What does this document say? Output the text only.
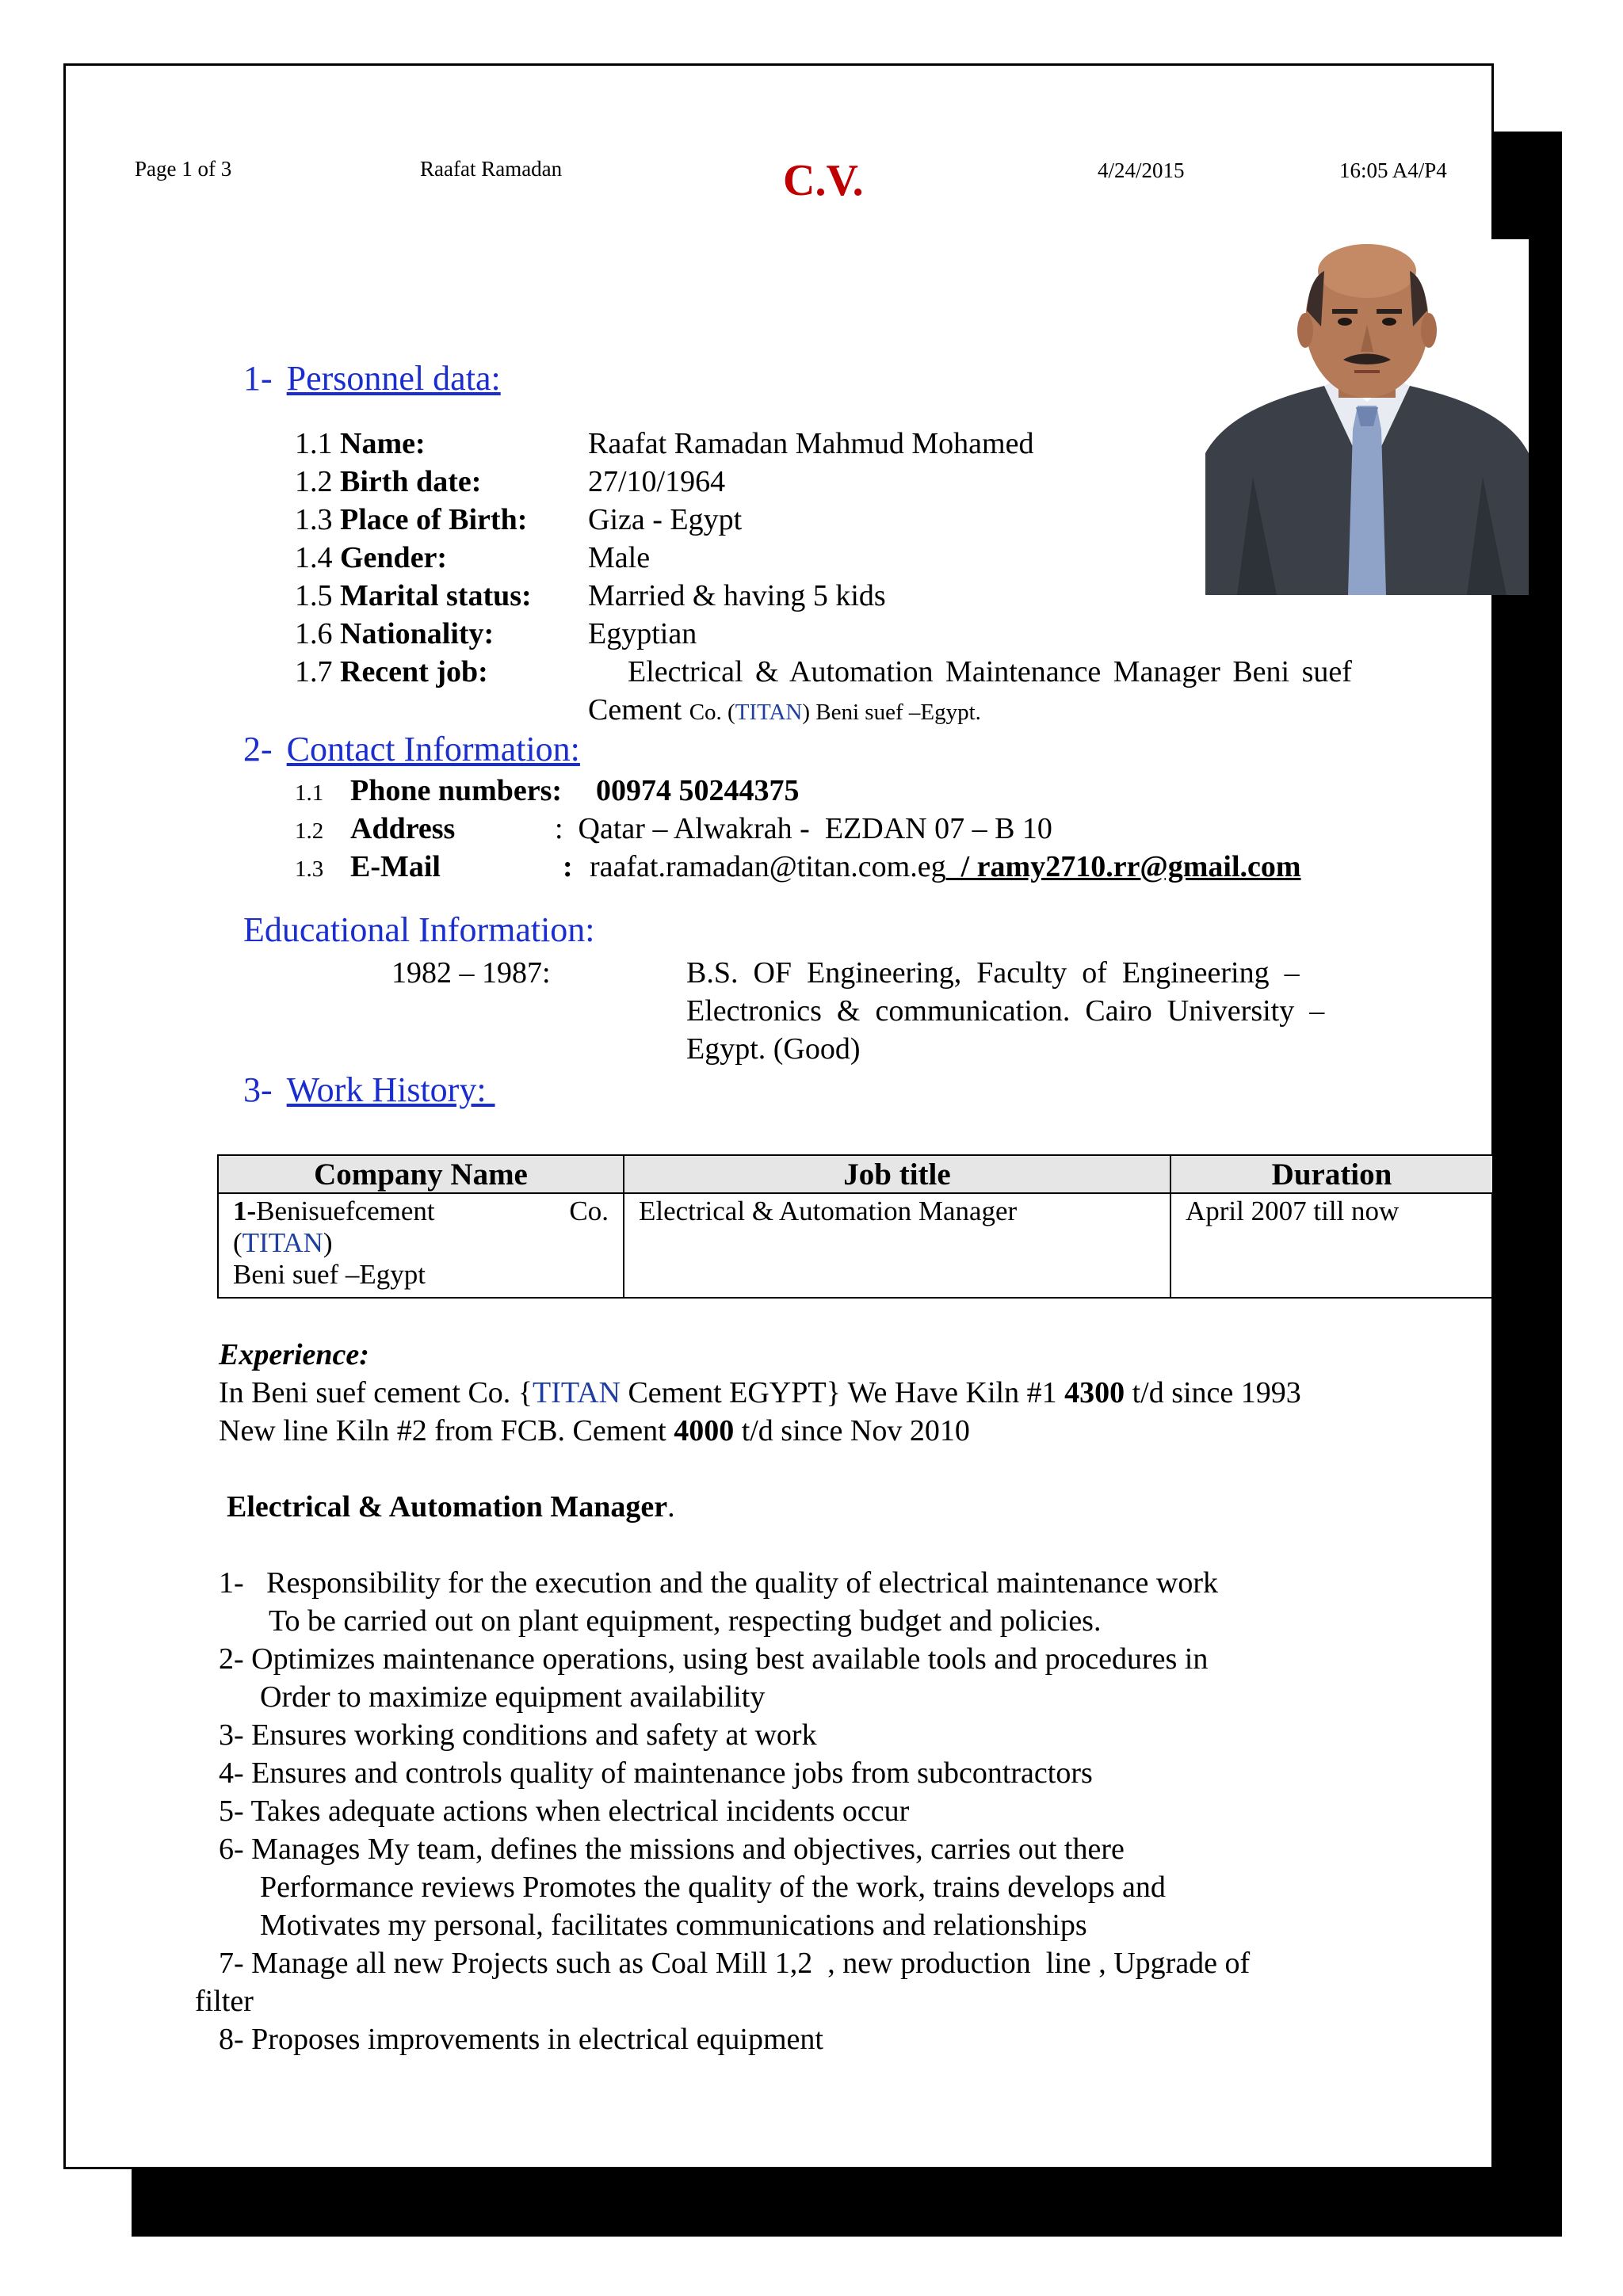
Page 1 of 3	Raafat Ramadan	C.V.	4/24/2015	16:05 A4/P4
1- Personnel data:
1.1 Name:	Raafat Ramadan Mahmud Mohamed
1.2 Birth date:	27/10/1964
1.3 Place of Birth: Giza - Egypt
1.4 Gender:	Male
1.5 Marital status: Married & having 5 kids
1.6 Nationality:	Egyptian
1.7 Recent job:	Electrical & Automation Maintenance Manager Beni suef
Cement Co. (TITAN) Beni suef –Egypt.
2- Contact Information:
1.1 Phone numbers: 00974 50244375
1.2 Address	:  Qatar – Alwakrah -  EZDAN 07 – B 10
1.3 E-Mail	: raafat.ramadan@titan.com.eg  / ramy2710.rr@gmail.com
Educational Information:
1982 – 1987:	B.S.  OF  Engineering,  Faculty  of  Engineering  –
Electronics  &  communication.  Cairo  University  –
Egypt. (Good)
3- Work History:
Company Name	Job title	Duration

1-Benisuefcement Co.
(TITAN)
Beni suef –Egypt	Electrical & Automation Manager	April 2007 till now
Experience:
In Beni suef cement Co. {TITAN Cement EGYPT} We Have Kiln #1 4300 t/d since 1993
New line Kiln #2 from FCB. Cement 4000 t/d since Nov 2010
Electrical & Automation Manager.
1-   Responsibility for the execution and the quality of electrical maintenance work
To be carried out on plant equipment, respecting budget and policies.
2- Optimizes maintenance operations, using best available tools and procedures in
Order to maximize equipment availability
3- Ensures working conditions and safety at work
4- Ensures and controls quality of maintenance jobs from subcontractors
5- Takes adequate actions when electrical incidents occur
6- Manages My team, defines the missions and objectives, carries out there
Performance reviews Promotes the quality of the work, trains develops and
Motivates my personal, facilitates communications and relationships
7- Manage all new Projects such as Coal Mill 1,2  , new production  line , Upgrade of
filter
8- Proposes improvements in electrical equipment
